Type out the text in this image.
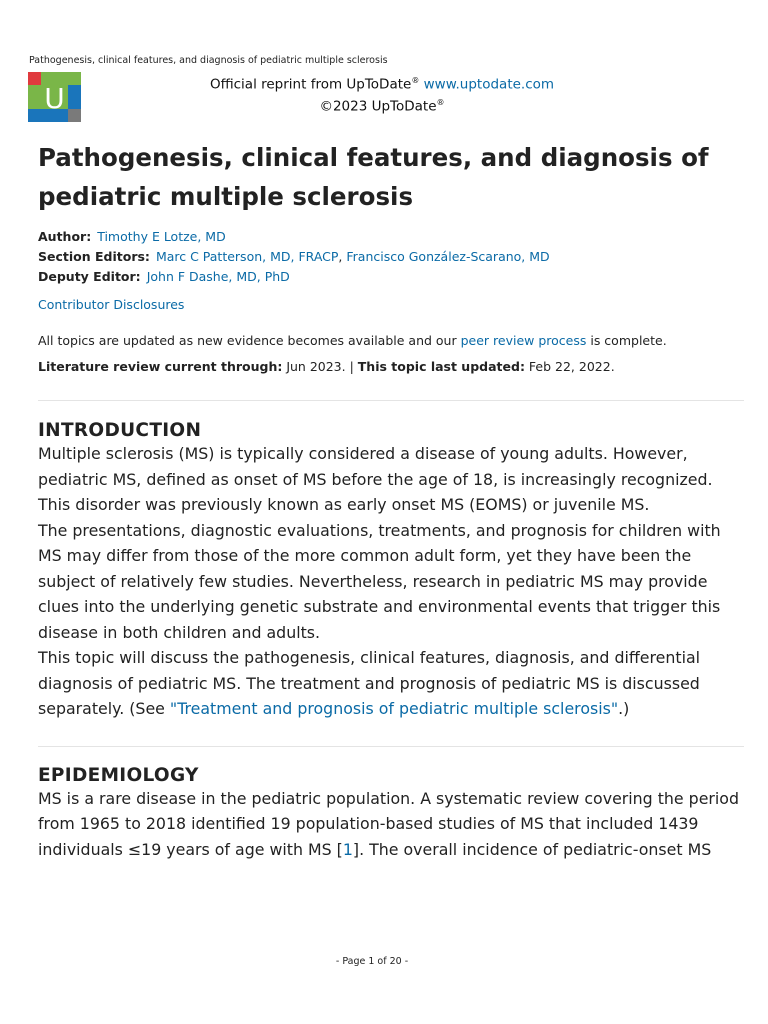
Pathogenesis, clinical features, and diagnosis of pediatric multiple sclerosis
U	Official reprint from UpToDate® www.uptodate.com
©2023 UpToDate®
Pathogenesis, clinical features, and diagnosis of pediatric multiple sclerosis
Author: Timothy E Lotze, MD
Section Editors: Marc C Patterson, MD, FRACP, Francisco González-Scarano, MD
Deputy Editor: John F Dashe, MD, PhD
Contributor Disclosures
All topics are updated as new evidence becomes available and our peer review process is complete.
Literature review current through: Jun 2023. | This topic last updated: Feb 22, 2022.
INTRODUCTION

Multiple sclerosis (MS) is typically considered a disease of young adults. However, pediatric MS, defined as onset of MS before the age of 18, is increasingly recognized. This disorder was previously known as early onset MS (EOMS) or juvenile MS.

The presentations, diagnostic evaluations, treatments, and prognosis for children with MS may differ from those of the more common adult form, yet they have been the subject of relatively few studies. Nevertheless, research in pediatric MS may provide clues into the underlying genetic substrate and environmental events that trigger this disease in both children and adults.

This topic will discuss the pathogenesis, clinical features, diagnosis, and differential diagnosis of pediatric MS. The treatment and prognosis of pediatric MS is discussed separately. (See "Treatment and prognosis of pediatric multiple sclerosis".)

EPIDEMIOLOGY

MS is a rare disease in the pediatric population. A systematic review covering the period from 1965 to 2018 identified 19 population-based studies of MS that included 1439 individuals ≤19 years of age with MS [1]. The overall incidence of pediatric-onset MS

- Page 1 of 20 -
